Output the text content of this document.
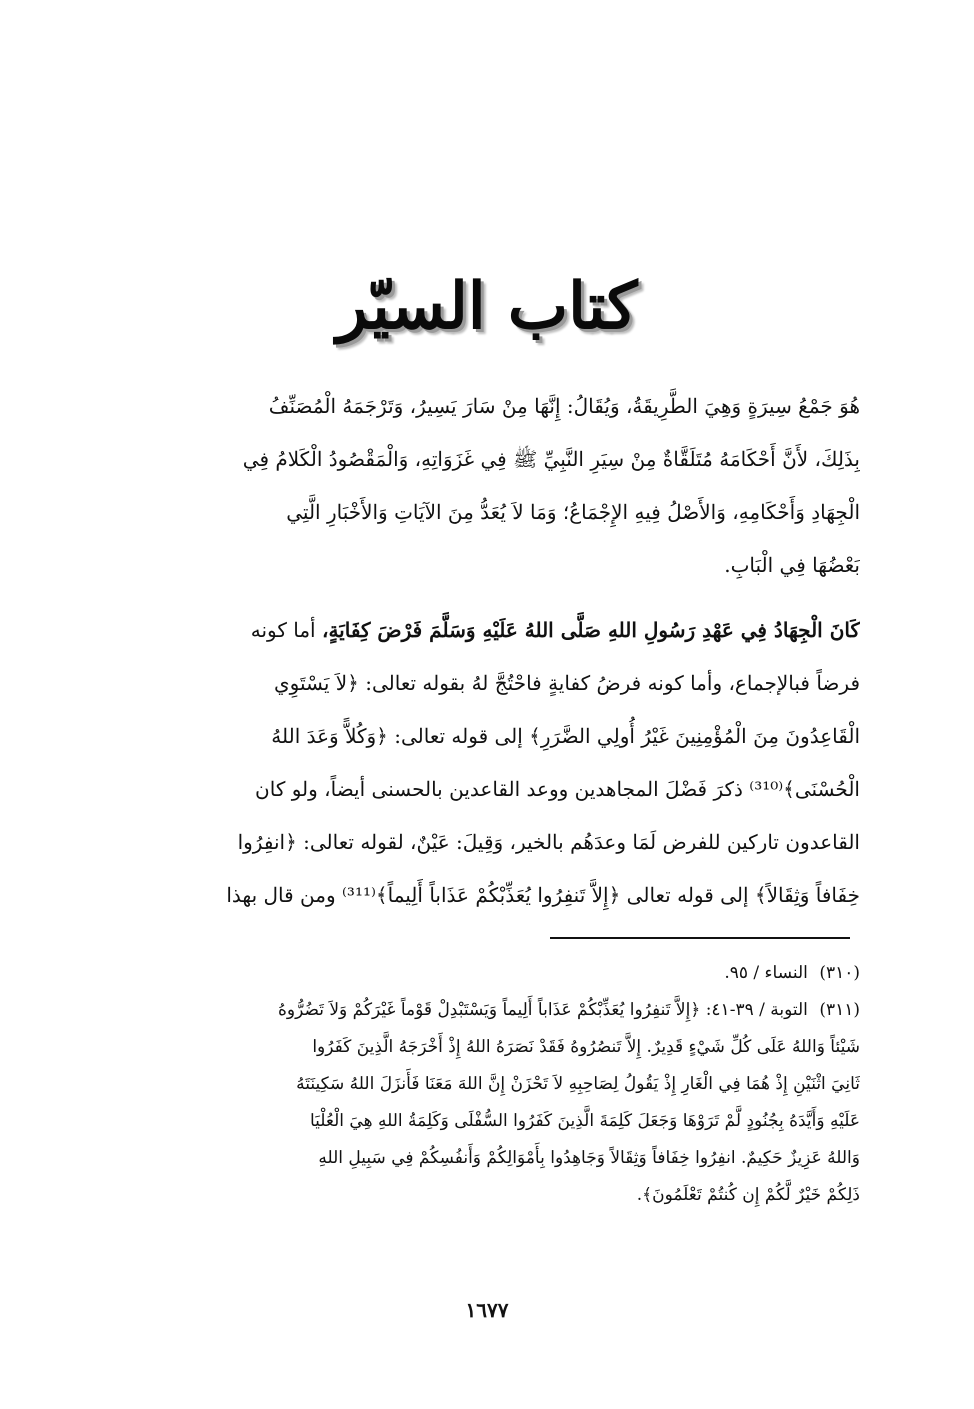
كتاب السيّر
هُوَ جَمْعُ سِيرَةٍ وَهِيَ الطَّرِيقَةُ، وَيُقَالُ: إِنَّهَا مِنْ سَارَ يَسِيرُ، وَتَرْجَمَهُ الْمُصَنِّفُ
بِذَلِكَ، لأَنَّ أَحْكَامَهُ مُتَلَقَّاةٌ مِنْ سِيَرِ النَّبِيِّ ﷺ فِي غَزَوَاتِهِ، وَالْمَقْصُودُ الْكَلامُ فِي
الْجِهَادِ وَأَحْكَامِهِ، وَالأَصْلُ فِيهِ الإِجْمَاعُ؛ وَمَا لاَ يُعَدُّ مِنَ الآيَاتِ وَالأَخْبَارِ الَّتِي
بَعْضُهَا فِي الْبَابِ.
كَانَ الْجِهَادُ فِي عَهْدِ رَسُولِ اللهِ صَلَّى اللهُ عَلَيْهِ وَسَلَّمَ فَرْضَ كِفَايَةٍ، أما كونه
فرضاً فبالإجماع، وأما كونه فرضُ كفايةٍ فاحْتُجَّ لهُ بقوله تعالى: ﴿لاَ يَسْتَوِي
الْقَاعِدُونَ مِنَ الْمُؤْمِنِينَ غَيْرُ أُولِي الضَّرَرِ﴾ إلى قوله تعالى: ﴿وَكُلاًّ وَعَدَ اللهُ
الْحُسْنَى﴾⁽³¹⁰⁾ ذكرَ فَضْلَ المجاهدين ووعد القاعدين بالحسنى أيضاً، ولو كان
القاعدون تاركين للفرض لَمَا وعدَهُم بالخير، وَقِيلَ: عَيْنٌ، لقوله تعالى: ﴿انفِرُوا
خِفَافاً وَثِقَالاً﴾ إلى قوله تعالى ﴿إِلاَّ تَنفِرُوا يُعَذِّبْكُمْ عَذَاباً أَلِيماً﴾⁽³¹¹⁾ ومن قال بهذا
(٣١٠) النساء / ٩٥.
(٣١١) التوبة / ٣٩-٤١: ﴿إِلاَّ تَنفِرُوا يُعَذِّبْكُمْ عَذَاباً أَلِيماً وَيَسْتَبْدِلْ قَوْماً غَيْرَكُمْ وَلاَ تَضُرُّوهُ
شَيْئاً وَاللهُ عَلَى كُلِّ شَيْءٍ قَدِيرٌ. إِلاَّ تَنصُرُوهُ فَقَدْ نَصَرَهُ اللهُ إِذْ أَخْرَجَهُ الَّذِينَ كَفَرُوا
ثَانِيَ اثْنَيْنِ إِذْ هُمَا فِي الْغَارِ إِذْ يَقُولُ لِصَاحِبِهِ لاَ تَحْزَنْ إِنَّ اللهَ مَعَنَا فَأَنزَلَ اللهُ سَكِينَتَهُ
عَلَيْهِ وَأَيَّدَهُ بِجُنُودٍ لَّمْ تَرَوْهَا وَجَعَلَ كَلِمَةَ الَّذِينَ كَفَرُوا السُّفْلَى وَكَلِمَةُ اللهِ هِيَ الْعُلْيَا
وَاللهُ عَزِيزٌ حَكِيمٌ. انفِرُوا خِفَافاً وَثِقَالاً وَجَاهِدُوا بِأَمْوَالِكُمْ وَأَنفُسِكُمْ فِي سَبِيلِ اللهِ
ذَلِكُمْ خَيْرٌ لَّكُمْ إِن كُنتُمْ تَعْلَمُونَ﴾.
١٦٧٧
